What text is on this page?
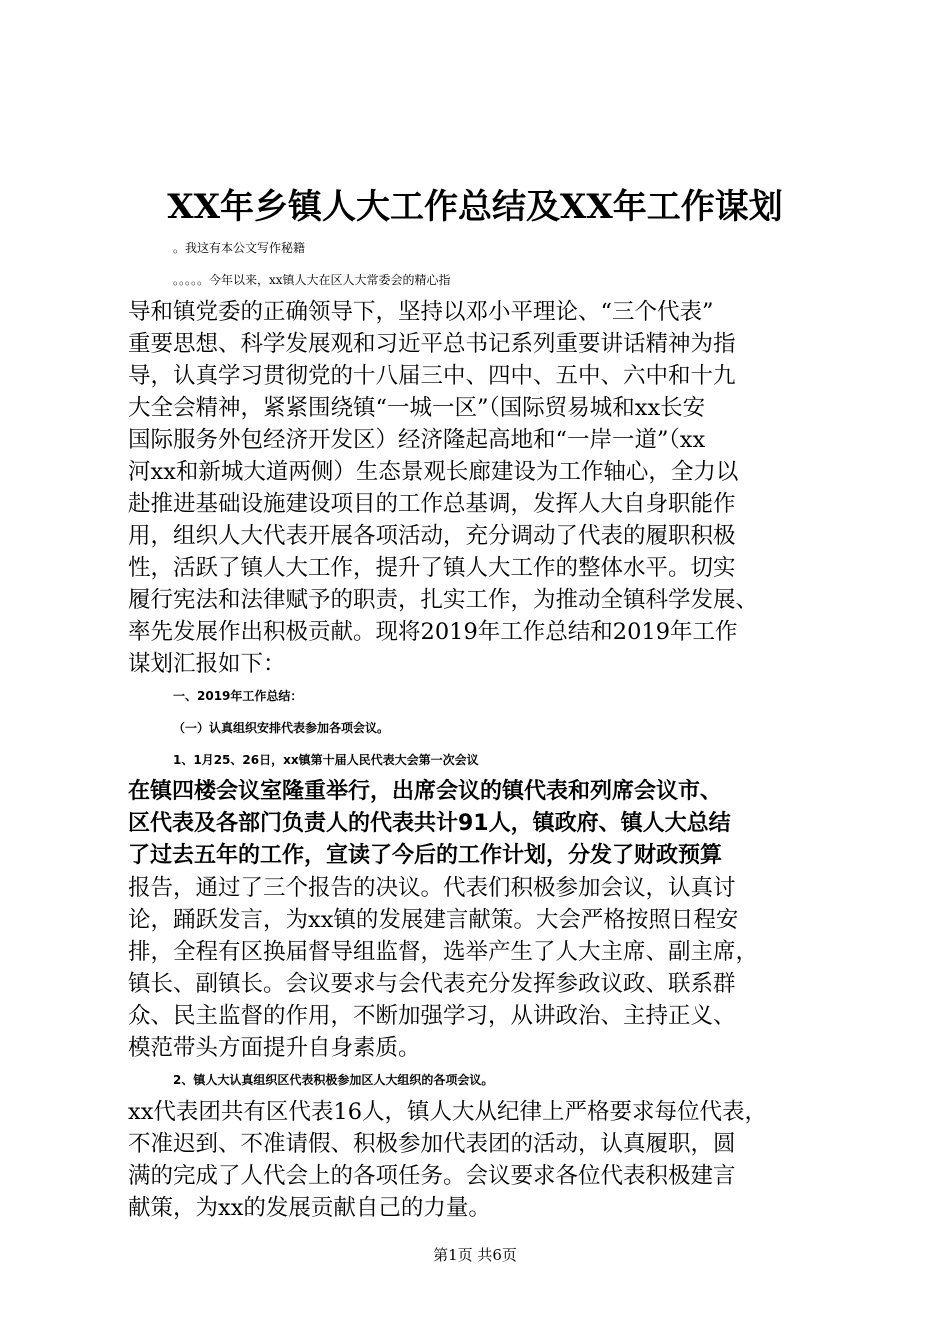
XX年乡镇人大工作总结及XX年工作谋划
。我这有本公文写作秘籍
。。。。。今年以来，xx镇人大在区人大常委会的精心指
导和镇党委的正确领导下，坚持以邓小平理论、“三个代表”
重要思想、科学发展观和习近平总书记系列重要讲话精神为指
导，认真学习贯彻党的十八届三中、四中、五中、六中和十九
大全会精神，紧紧围绕镇“一城一区”（国际贸易城和xx长安
国际服务外包经济开发区）经济隆起高地和“一岸一道”（xx
河xx和新城大道两侧）生态景观长廊建设为工作轴心，全力以
赴推进基础设施建设项目的工作总基调，发挥人大自身职能作
用，组织人大代表开展各项活动，充分调动了代表的履职积极
性，活跃了镇人大工作，提升了镇人大工作的整体水平。切实
履行宪法和法律赋予的职责，扎实工作，为推动全镇科学发展、
率先发展作出积极贡献。现将2019年工作总结和2019年工作
谋划汇报如下：
一、2019年工作总结：
（一）认真组织安排代表参加各项会议。
1、1月25、26日，xx镇第十届人民代表大会第一次会议
在镇四楼会议室隆重举行，出席会议的镇代表和列席会议市、
区代表及各部门负责人的代表共计91人，镇政府、镇人大总结
了过去五年的工作，宣读了今后的工作计划，分发了财政预算
报告，通过了三个报告的决议。代表们积极参加会议，认真讨
论，踊跃发言，为xx镇的发展建言献策。大会严格按照日程安
排，全程有区换届督导组监督，选举产生了人大主席、副主席，
镇长、副镇长。会议要求与会代表充分发挥参政议政、联系群
众、民主监督的作用，不断加强学习，从讲政治、主持正义、
模范带头方面提升自身素质。
2、镇人大认真组织区代表积极参加区人大组织的各项会议。
xx代表团共有区代表16人，镇人大从纪律上严格要求每位代表，
不准迟到、不准请假、积极参加代表团的活动，认真履职，圆
满的完成了人代会上的各项任务。会议要求各位代表积极建言
献策，为xx的发展贡献自己的力量。
第1页 共6页
